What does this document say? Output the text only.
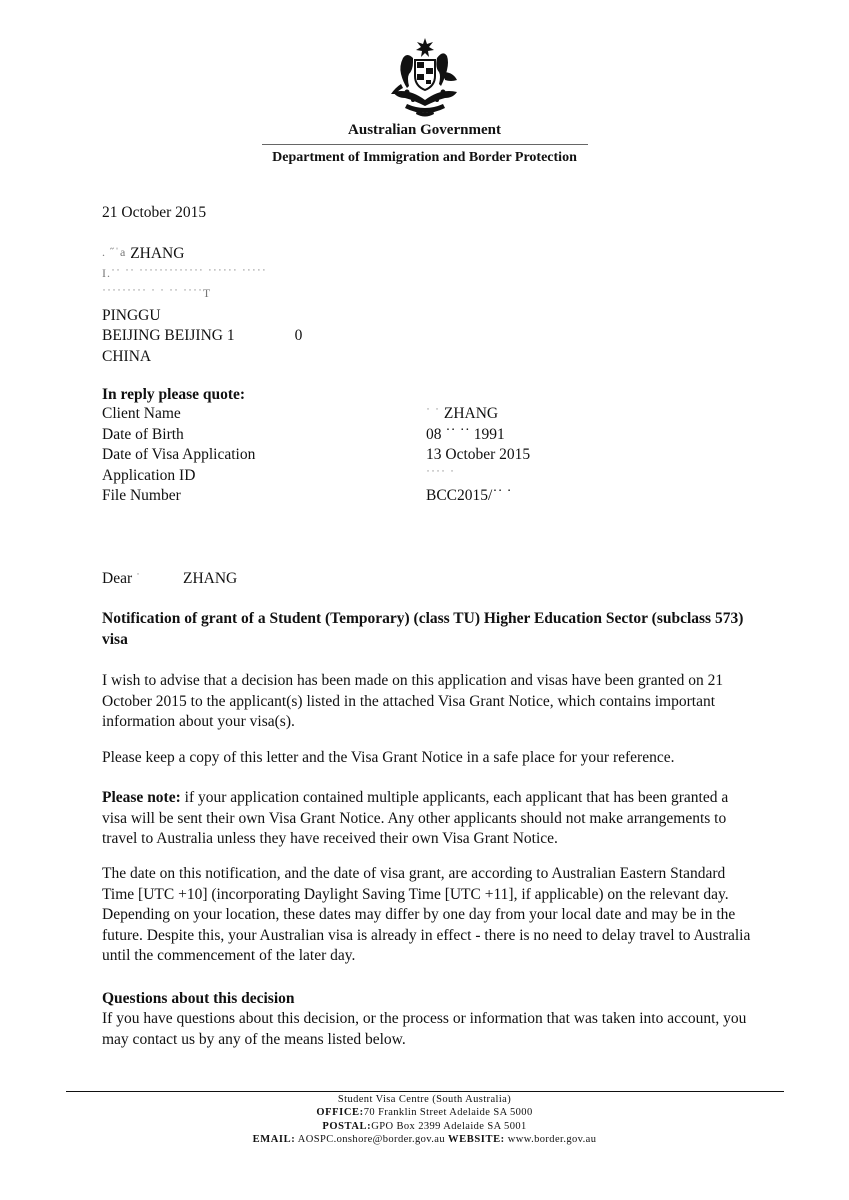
Australian Government
Department of Immigration and Border Protection
21 October 2015
. ˝ˈa ZHANG
I.˙˙ ˙˙ ˙˙˙˙˙˙˙˙˙˙˙˙˙ ˙˙˙˙˙˙ ˙˙˙˙˙
˙˙˙˙˙˙˙˙˙ ˙ ˙ ˙˙ ˙˙˙˙T
PINGGU
BEIJING BEIJING 1	0
CHINA
In reply please quote:
Client Name	˙ ˙ ZHANG
Date of Birth	08 ˙˙ ˙˙ 1991
Date of Visa Application	13 October 2015
Application ID	˙˙˙˙ ˙
File Number	BCC2015/˙˙ ˙
Dear ˙	ZHANG
Notification of grant of a Student (Temporary) (class TU) Higher Education Sector (subclass 573) visa
I wish to advise that a decision has been made on this application and visas have been granted on 21 October 2015 to the applicant(s) listed in the attached Visa Grant Notice, which contains important information about your visa(s).
Please keep a copy of this letter and the Visa Grant Notice in a safe place for your reference.
Please note: if your application contained multiple applicants, each applicant that has been granted a visa will be sent their own Visa Grant Notice. Any other applicants should not make arrangements to travel to Australia unless they have received their own Visa Grant Notice.
The date on this notification, and the date of visa grant, are according to Australian Eastern Standard Time [UTC +10] (incorporating Daylight Saving Time [UTC +11], if applicable) on the relevant day. Depending on your location, these dates may differ by one day from your local date and may be in the future. Despite this, your Australian visa is already in effect - there is no need to delay travel to Australia until the commencement of the later day.
Questions about this decision
If you have questions about this decision, or the process or information that was taken into account, you may contact us by any of the means listed below.
Student Visa Centre (South Australia)
OFFICE:70 Franklin Street Adelaide SA 5000
POSTAL:GPO Box 2399 Adelaide SA 5001
EMAIL: AOSPC.onshore@border.gov.au WEBSITE: www.border.gov.au
